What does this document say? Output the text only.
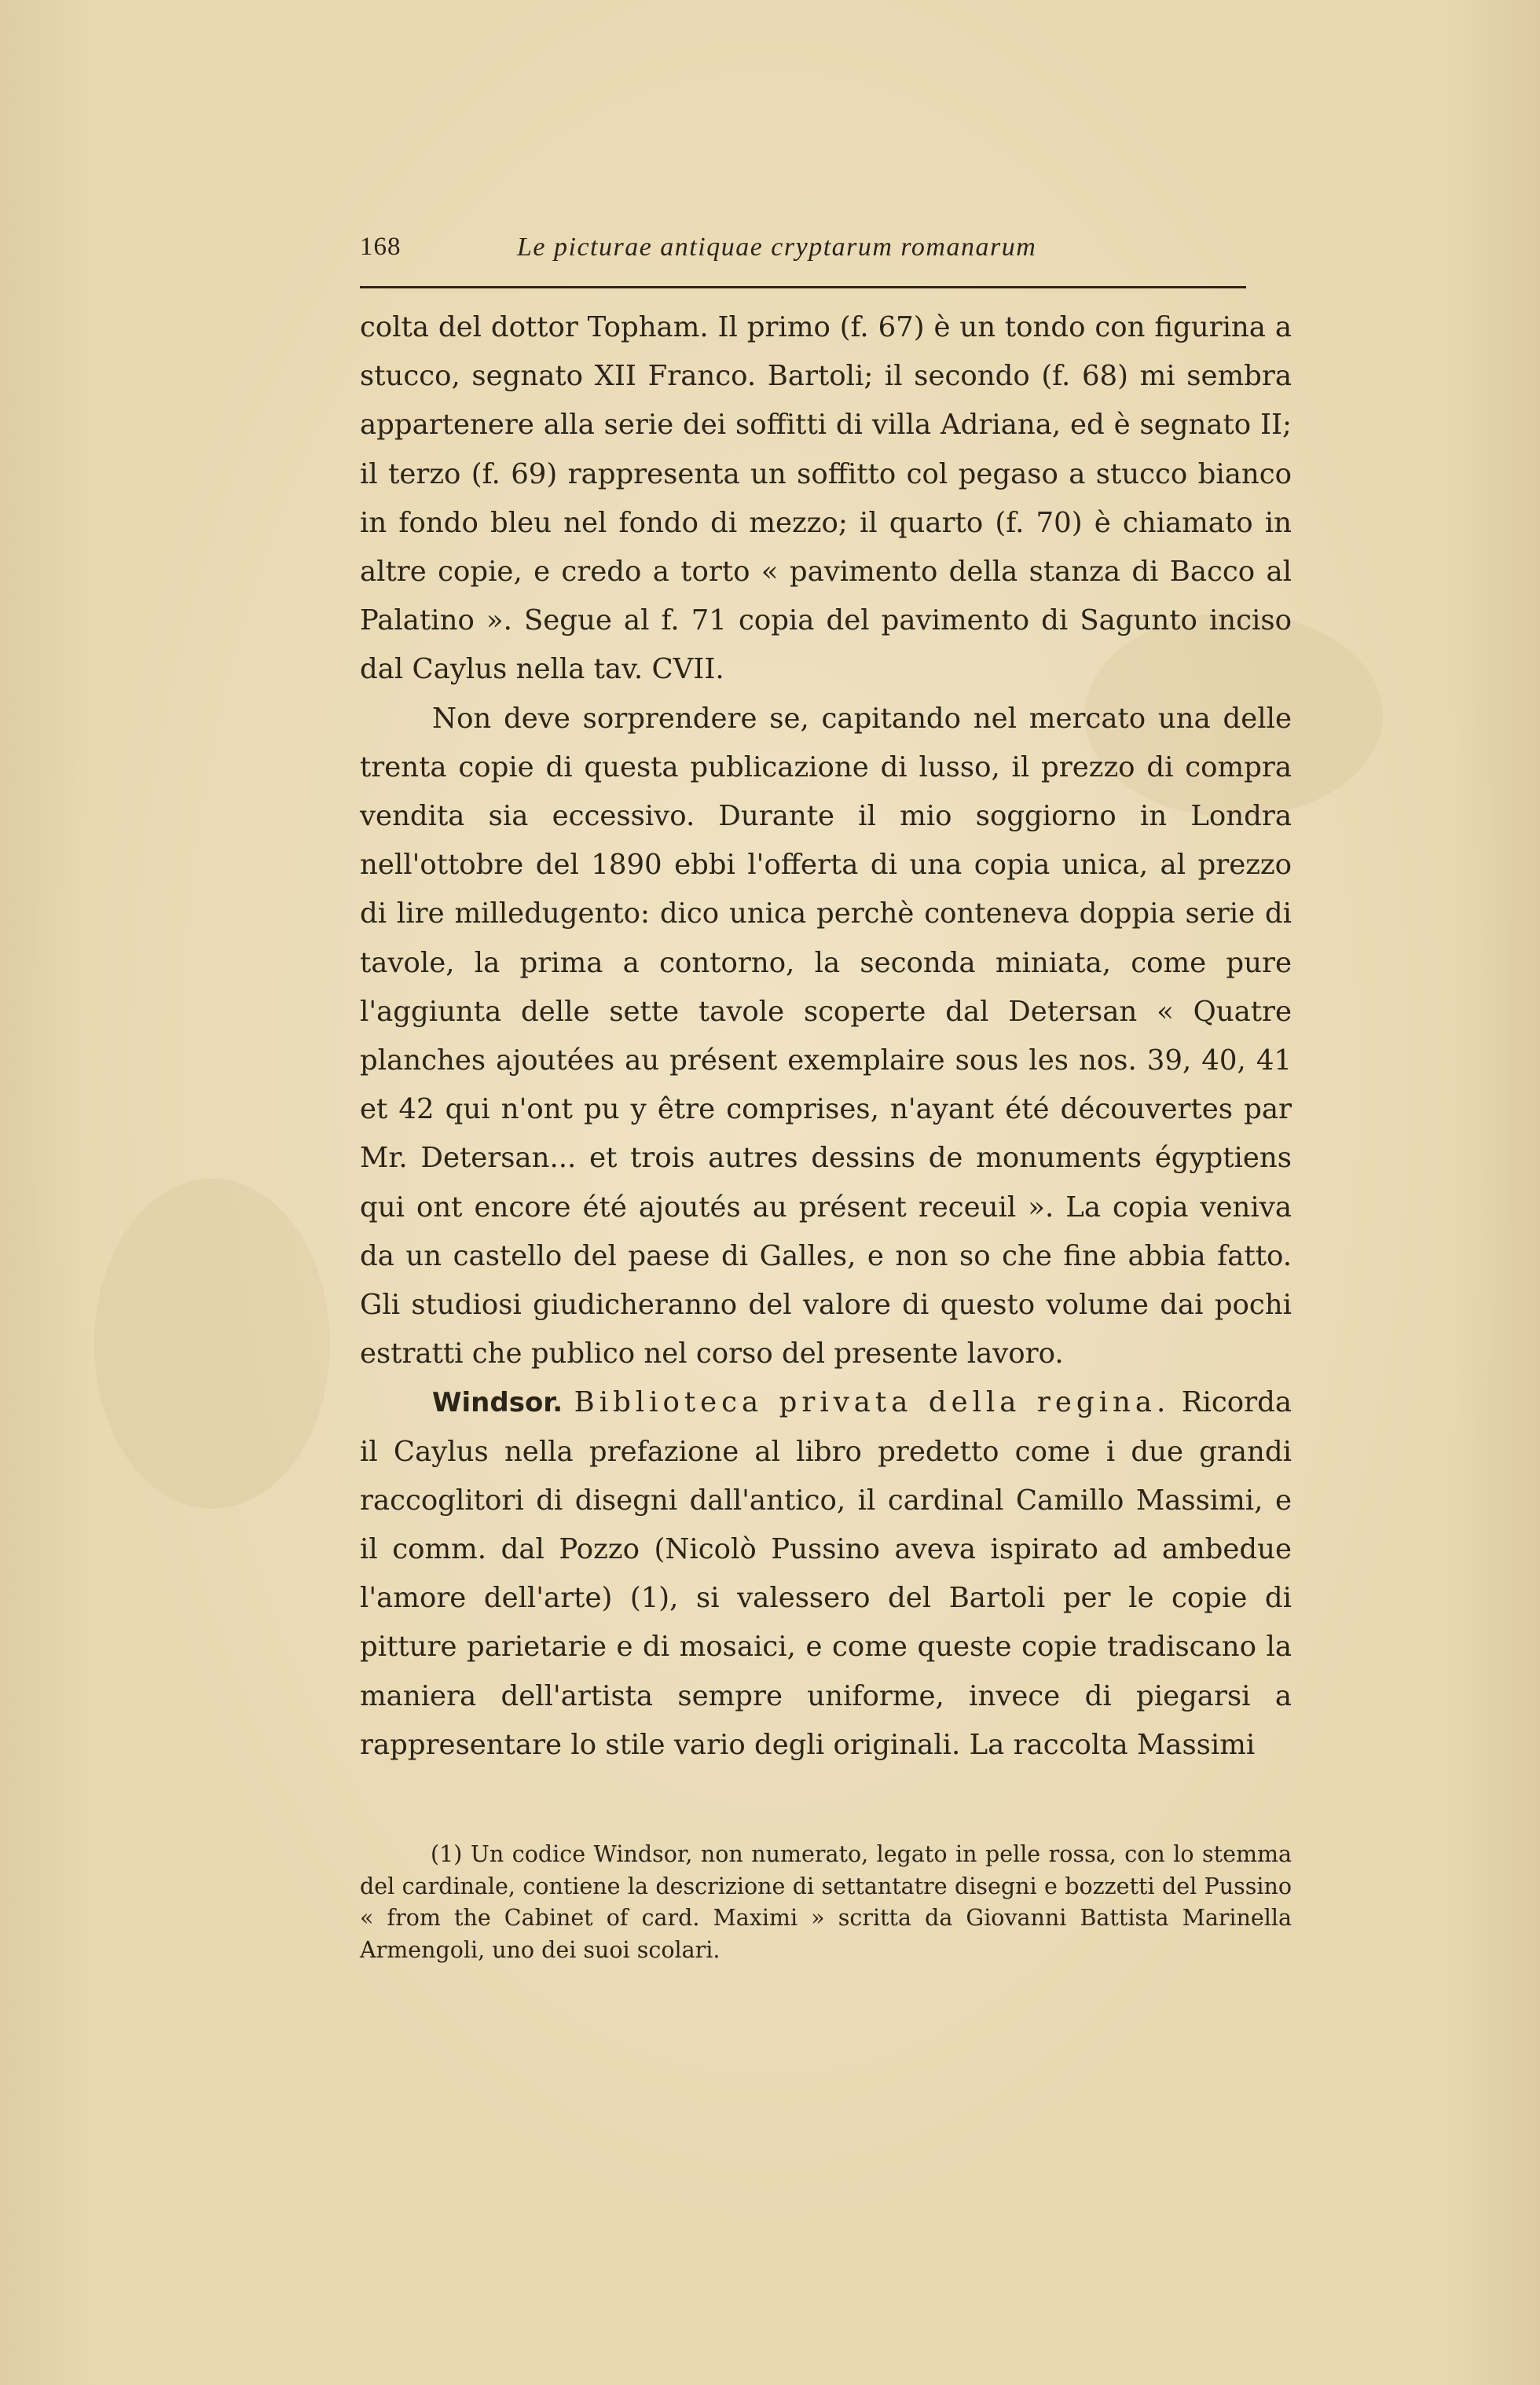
168	Le picturae antiquae cryptarum romanarum

colta del dottor Topham. Il primo (f. 67) è un tondo con figurina a stucco, segnato XII Franco. Bartoli; il secondo (f. 68) mi sembra appartenere alla serie dei soffitti di villa Adriana, ed è segnato II; il terzo (f. 69) rappresenta un soffitto col pegaso a stucco bianco in fondo bleu nel fondo di mezzo; il quarto (f. 70) è chiamato in altre copie, e credo a torto « pavimento della stanza di Bacco al Palatino ». Segue al f. 71 copia del pavimento di Sagunto inciso dal Caylus nella tav. CVII.

Non deve sorprendere se, capitando nel mercato una delle trenta copie di questa publicazione di lusso, il prezzo di compra vendita sia eccessivo. Durante il mio soggiorno in Londra nell'ottobre del 1890 ebbi l'offerta di una copia unica, al prezzo di lire milledugento: dico unica perchè conteneva doppia serie di tavole, la prima a contorno, la seconda miniata, come pure l'aggiunta delle sette tavole scoperte dal Detersan « Quatre planches ajoutées au présent exemplaire sous les nos. 39, 40, 41 et 42 qui n'ont pu y être comprises, n'ayant été découvertes par Mr. Detersan... et trois autres dessins de monuments égyptiens qui ont encore été ajoutés au présent receuil ». La copia veniva da un castello del paese di Galles, e non so che fine abbia fatto. Gli studiosi giudicheranno del valore di questo volume dai pochi estratti che publico nel corso del presente lavoro.

Windsor. Biblioteca privata della regina. Ricorda il Caylus nella prefazione al libro predetto come i due grandi raccoglitori di disegni dall'antico, il cardinal Camillo Massimi, e il comm. dal Pozzo (Nicolò Pussino aveva ispirato ad ambedue l'amore dell'arte) (1), si valessero del Bartoli per le copie di pitture parietarie e di mosaici, e come queste copie tradiscano la maniera dell'artista sempre uniforme, invece di piegarsi a rappresentare lo stile vario degli originali. La raccolta Massimi

(1) Un codice Windsor, non numerato, legato in pelle rossa, con lo stemma del cardinale, contiene la descrizione di settantatre disegni e bozzetti del Pussino « from the Cabinet of card. Maximi » scritta da Giovanni Battista Marinella Armengoli, uno dei suoi scolari.
